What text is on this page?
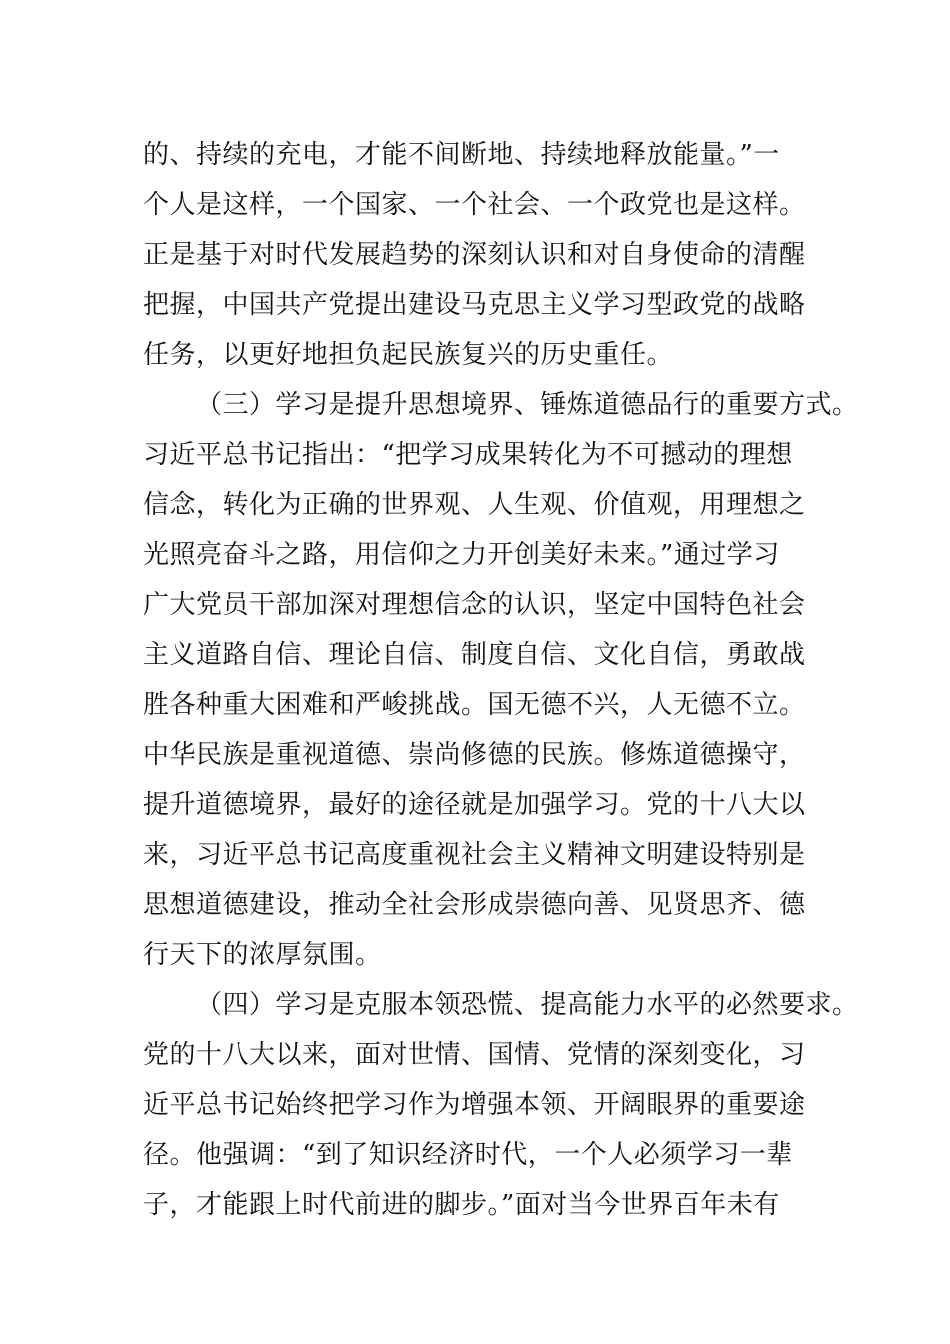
的、持续的充电，才能不间断地、持续地释放能量。”一
个人是这样，一个国家、一个社会、一个政党也是这样。
正是基于对时代发展趋势的深刻认识和对自身使命的清醒
把握，中国共产党提出建设马克思主义学习型政党的战略
任务，以更好地担负起民族复兴的历史重任。
（三）学习是提升思想境界、锤炼道德品行的重要方式。
习近平总书记指出：“把学习成果转化为不可撼动的理想
信念，转化为正确的世界观、人生观、价值观，用理想之
光照亮奋斗之路，用信仰之力开创美好未来。”通过学习
广大党员干部加深对理想信念的认识，坚定中国特色社会
主义道路自信、理论自信、制度自信、文化自信，勇敢战
胜各种重大困难和严峻挑战。国无德不兴，人无德不立。
中华民族是重视道德、崇尚修德的民族。修炼道德操守，
提升道德境界，最好的途径就是加强学习。党的十八大以
来，习近平总书记高度重视社会主义精神文明建设特别是
思想道德建设，推动全社会形成崇德向善、见贤思齐、德
行天下的浓厚氛围。
（四）学习是克服本领恐慌、提高能力水平的必然要求。
党的十八大以来，面对世情、国情、党情的深刻变化，习
近平总书记始终把学习作为增强本领、开阔眼界的重要途
径。他强调：“到了知识经济时代，一个人必须学习一辈
子，才能跟上时代前进的脚步。”面对当今世界百年未有
